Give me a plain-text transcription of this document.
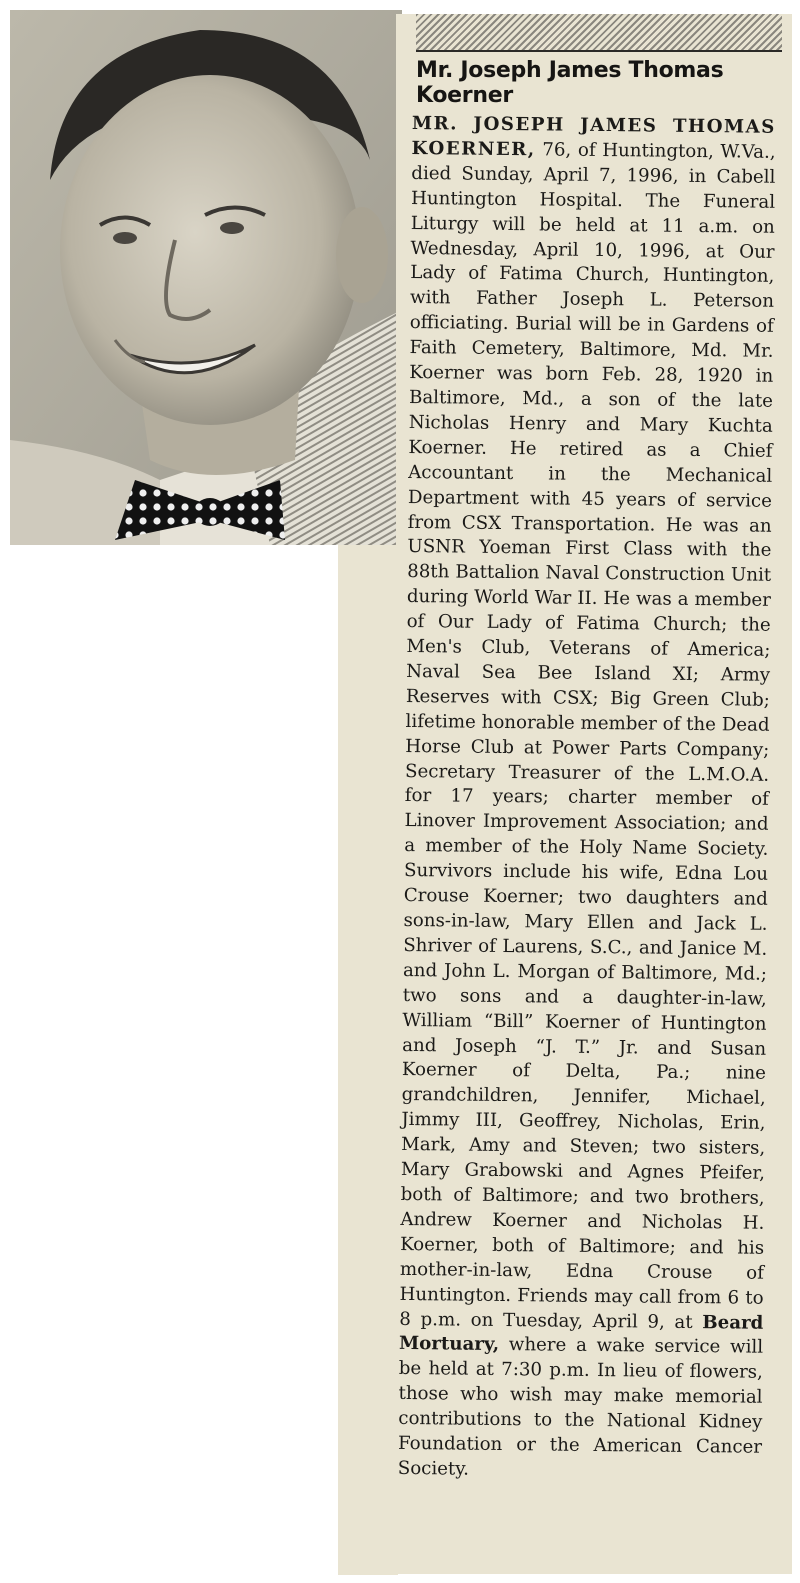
Mr. Joseph James Thomas Koerner
MR. JOSEPH JAMES THOMAS KOERNER, 76, of Huntington, W.Va., died Sunday, April 7, 1996, in Cabell Huntington Hospital. The Funeral Liturgy will be held at 11 a.m. on Wednesday, April 10, 1996, at Our Lady of Fatima Church, Huntington, with Father Joseph L. Peterson officiating. Burial will be in Gardens of Faith Cemetery, Baltimore, Md. Mr. Koerner was born Feb. 28, 1920 in Baltimore, Md., a son of the late Nicholas Henry and Mary Kuchta Koerner. He retired as a Chief Accountant in the Mechanical Department with 45 years of service from CSX Transportation. He was an USNR Yoeman First Class with the 88th Battalion Naval Construction Unit during World War II. He was a member of Our Lady of Fatima Church; the Men's Club, Veterans of America; Naval Sea Bee Island XI; Army Reserves with CSX; Big Green Club; lifetime honorable member of the Dead Horse Club at Power Parts Company; Secretary Treasurer of the L.M.O.A. for 17 years; charter member of Linover Improvement Association; and a member of the Holy Name Society. Survivors include his wife, Edna Lou Crouse Koerner; two daughters and sons-in-law, Mary Ellen and Jack L. Shriver of Laurens, S.C., and Janice M. and John L. Morgan of Baltimore, Md.; two sons and a daughter-in-law, William “Bill” Koerner of Huntington and Joseph “J. T.” Jr. and Susan Koerner of Delta, Pa.; nine grandchildren, Jennifer, Michael, Jimmy III, Geoffrey, Nicholas, Erin, Mark, Amy and Steven; two sisters, Mary Grabowski and Agnes Pfeifer, both of Baltimore; and two brothers, Andrew Koerner and Nicholas H. Koerner, both of Baltimore; and his mother-in-law, Edna Crouse of Huntington. Friends may call from 6 to 8 p.m. on Tuesday, April 9, at Beard Mortuary, where a wake service will be held at 7:30 p.m. In lieu of flowers, those who wish may make memorial contributions to the National Kidney Foundation or the American Cancer Society.
